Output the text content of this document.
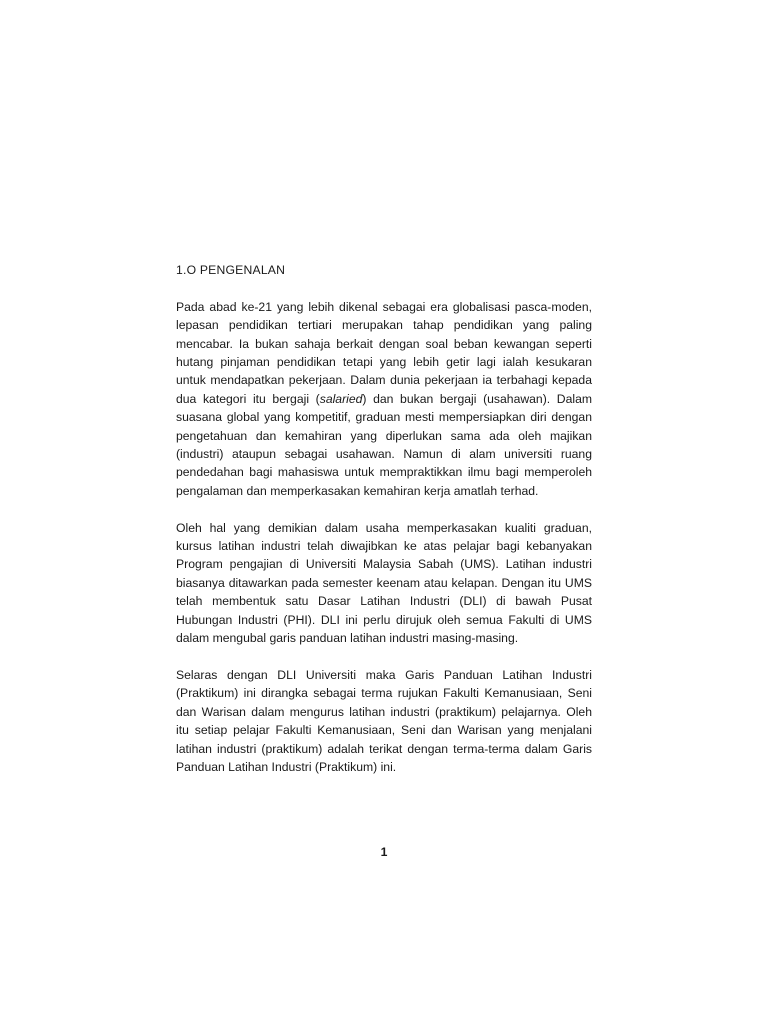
1.O PENGENALAN

Pada abad ke-21 yang lebih dikenal sebagai era globalisasi pasca-moden, lepasan pendidikan tertiari merupakan tahap pendidikan yang paling mencabar. Ia bukan sahaja berkait dengan soal beban kewangan seperti hutang pinjaman pendidikan tetapi yang lebih getir lagi ialah kesukaran untuk mendapatkan pekerjaan. Dalam dunia pekerjaan ia terbahagi kepada dua kategori itu bergaji (salaried) dan bukan bergaji (usahawan). Dalam suasana global yang kompetitif, graduan mesti mempersiapkan diri dengan pengetahuan dan kemahiran yang diperlukan sama ada oleh majikan (industri) ataupun sebagai usahawan. Namun di alam universiti ruang pendedahan bagi mahasiswa untuk mempraktikkan ilmu bagi memperoleh pengalaman dan memperkasakan kemahiran kerja amatlah terhad.

Oleh hal yang demikian dalam usaha memperkasakan kualiti graduan, kursus latihan industri telah diwajibkan ke atas pelajar bagi kebanyakan Program pengajian di Universiti Malaysia Sabah (UMS). Latihan industri biasanya ditawarkan pada semester keenam atau kelapan. Dengan itu UMS telah membentuk satu Dasar Latihan Industri (DLI) di bawah Pusat Hubungan Industri (PHI). DLI ini perlu dirujuk oleh semua Fakulti di UMS dalam mengubal garis panduan latihan industri masing-masing.

Selaras dengan DLI Universiti maka Garis Panduan Latihan Industri (Praktikum) ini dirangka sebagai terma rujukan Fakulti Kemanusiaan, Seni dan Warisan dalam mengurus latihan industri (praktikum) pelajarnya. Oleh itu setiap pelajar Fakulti Kemanusiaan, Seni dan Warisan yang menjalani latihan industri (praktikum) adalah terikat dengan terma-terma dalam Garis Panduan Latihan Industri (Praktikum) ini.

1
